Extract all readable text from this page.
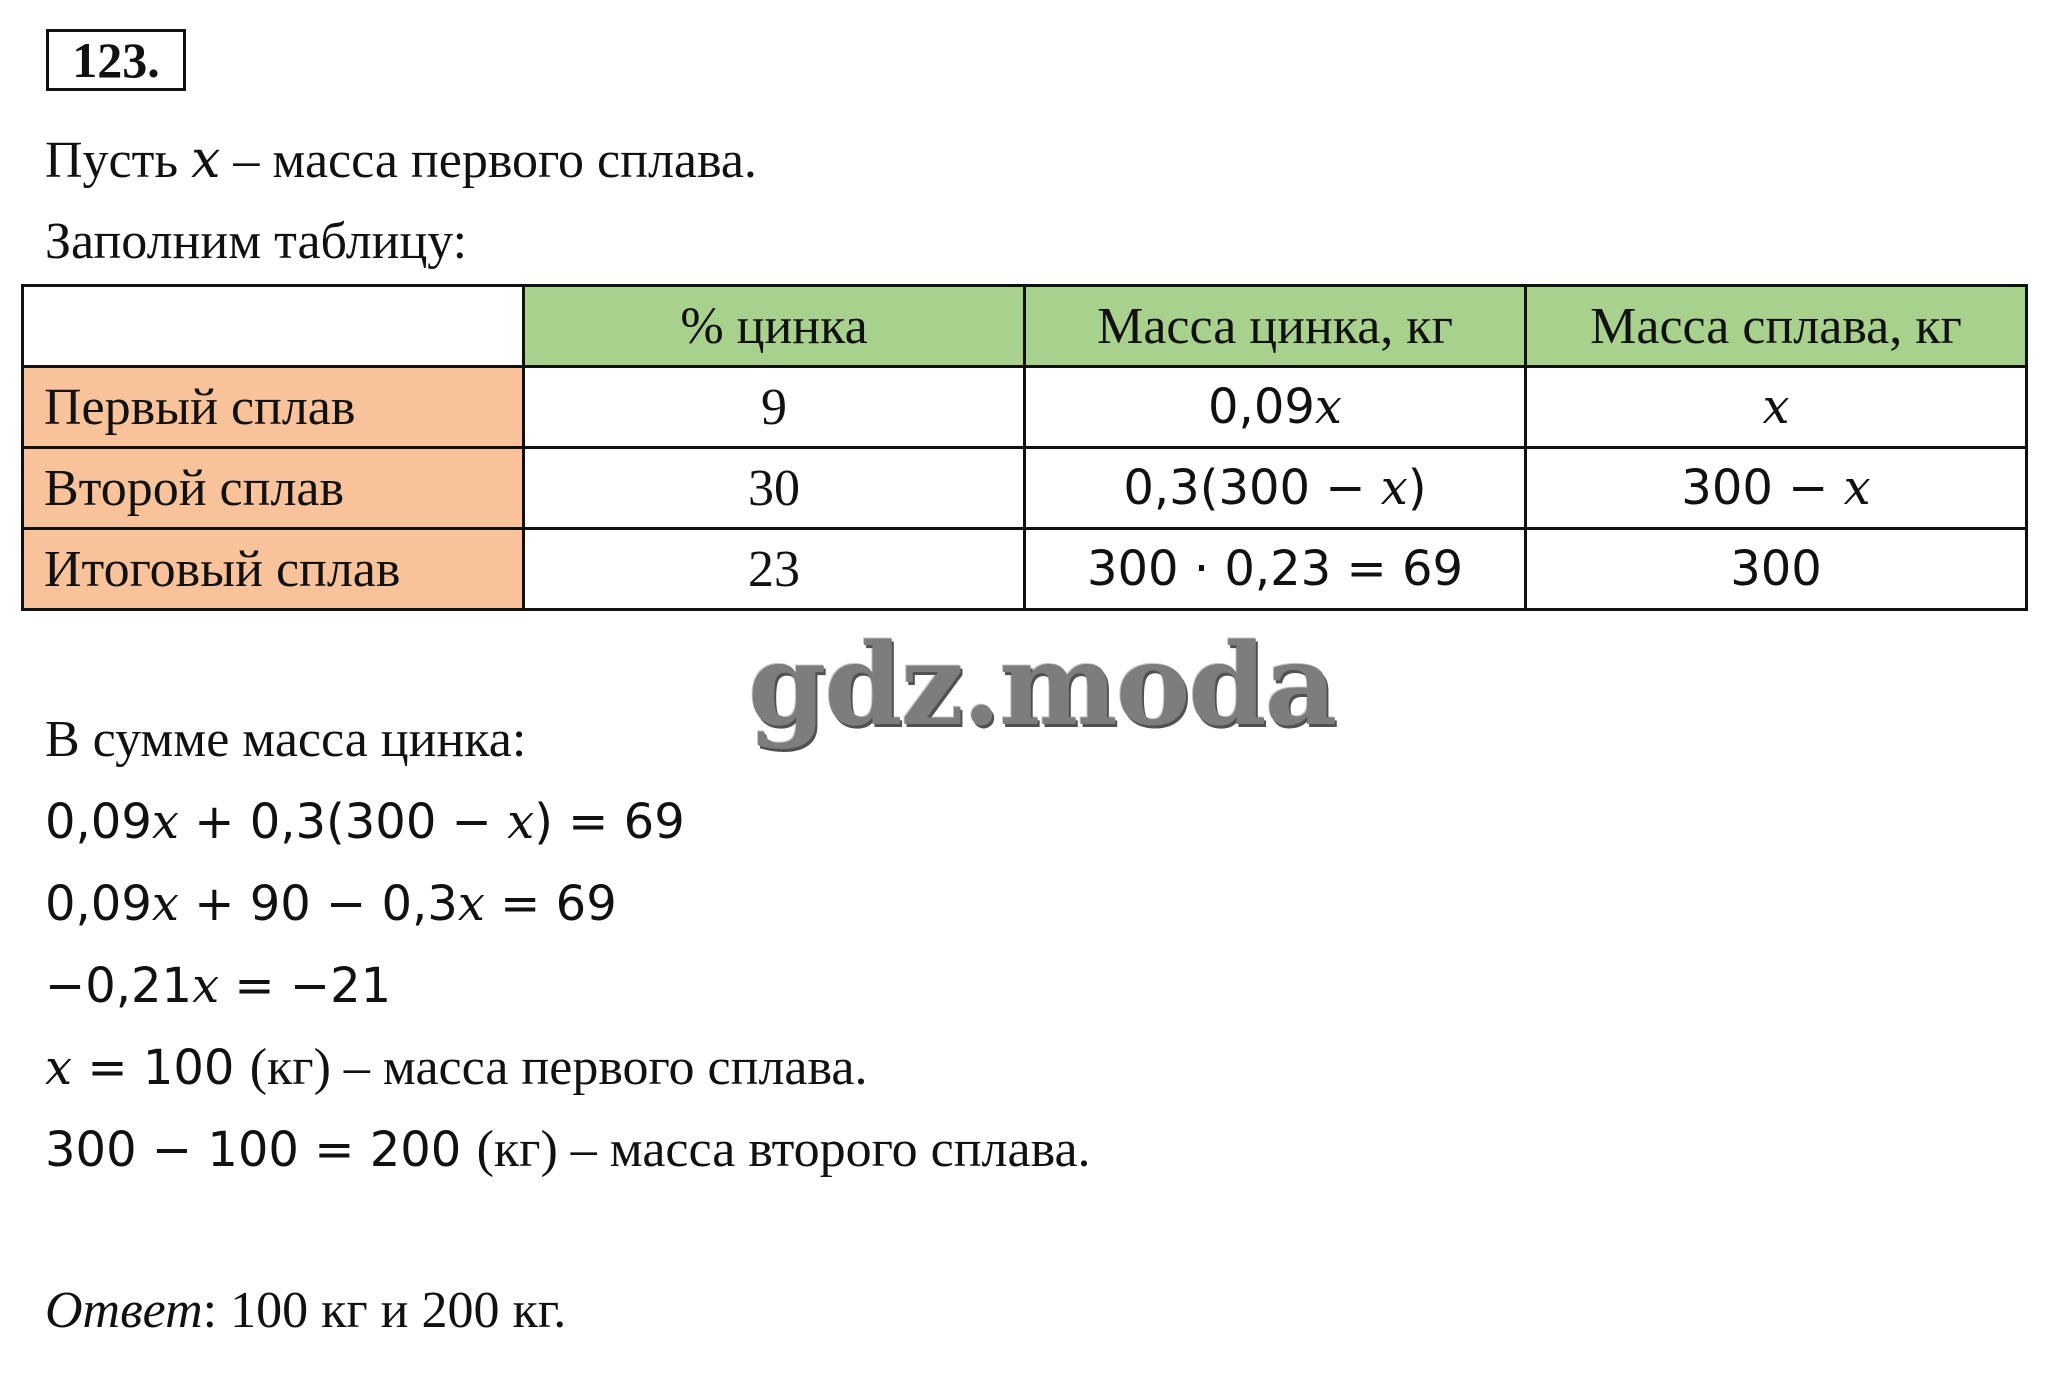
123.
Пусть x – масса первого сплава.
Заполним таблицу:
	% цинка	Масса цинка, кг	Масса сплава, кг
Первый сплав	9	0,09x	x
Второй сплав	30	0,3(300 − x)	300 − x
Итоговый сплав	23	300 · 0,23 = 69	300
В сумме масса цинка:
0,09x + 0,3(300 − x) = 69
0,09x + 90 − 0,3x = 69
−0,21x = −21
x = 100 (кг) – масса первого сплава.
300 − 100 = 200 (кг) – масса второго сплава.
Ответ: 100 кг и 200 кг.
gdz.moda
